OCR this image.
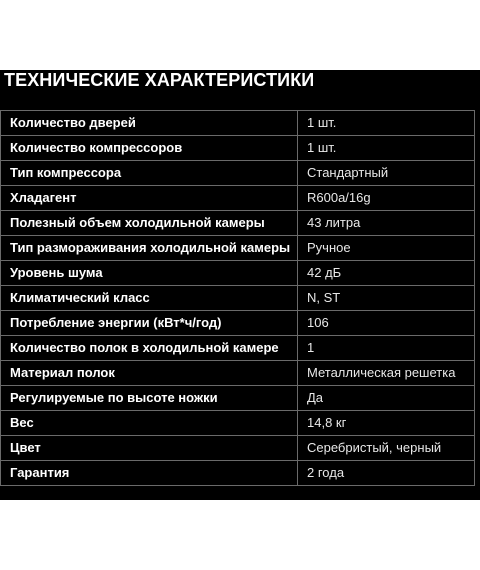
ТЕХНИЧЕСКИЕ ХАРАКТЕРИСТИКИ
Количество дверей	1 шт.
Количество компрессоров	1 шт.
Тип компрессора	Стандартный
Хладагент	R600a/16g
Полезный объем холодильной камеры	43 литра
Тип размораживания холодильной камеры	Ручное
Уровень шума	42 дБ
Климатический класс	N, ST
Потребление энергии (кВт*ч/год)	106
Количество полок в холодильной камере	1
Материал полок	Металлическая решетка
Регулируемые по высоте ножки	Да
Вес	14,8 кг
Цвет	Серебристый, черный
Гарантия	2 года
